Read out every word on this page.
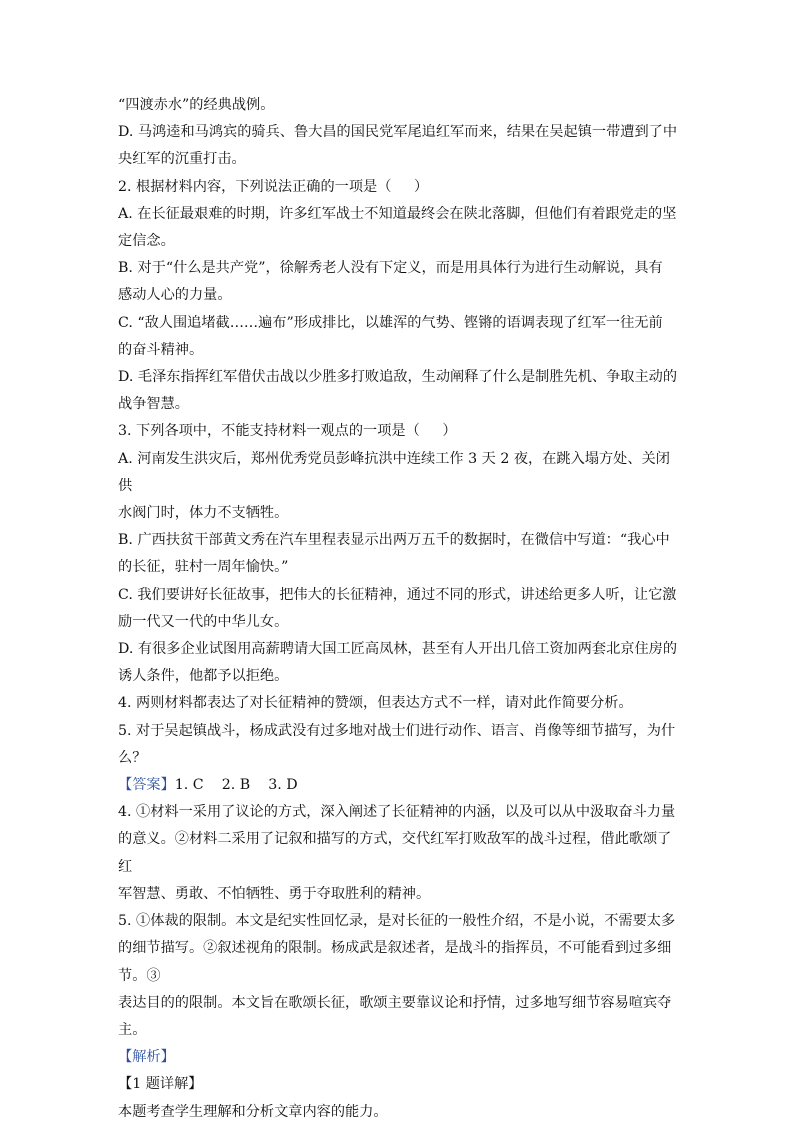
“四渡赤水”的经典战例。

D. 马鸿逵和马鸿宾的骑兵、鲁大昌的国民党军尾追红军而来，结果在吴起镇一带遭到了中

央红军的沉重打击。

2. 根据材料内容，下列说法正确的一项是（     ）

A. 在长征最艰难的时期，许多红军战士不知道最终会在陕北落脚，但他们有着跟党走的坚

定信念。

B. 对于“什么是共产党”，徐解秀老人没有下定义，而是用具体行为进行生动解说，具有

感动人心的力量。

C. “敌人围追堵截……遍布”形成排比，以雄浑的气势、铿锵的语调表现了红军一往无前

的奋斗精神。

D. 毛泽东指挥红军借伏击战以少胜多打败追敌，生动阐释了什么是制胜先机、争取主动的

战争智慧。

3. 下列各项中，不能支持材料一观点的一项是（     ）

A. 河南发生洪灾后，郑州优秀党员彭峰抗洪中连续工作 3 天 2 夜，在跳入塌方处、关闭供

水阀门时，体力不支牺牲。

B. 广西扶贫干部黄文秀在汽车里程表显示出两万五千的数据时，在微信中写道：“我心中

的长征，驻村一周年愉快。”

C. 我们要讲好长征故事，把伟大的长征精神，通过不同的形式，讲述给更多人听，让它激

励一代又一代的中华儿女。

D. 有很多企业试图用高薪聘请大国工匠高凤林，甚至有人开出几倍工资加两套北京住房的

诱人条件，他都予以拒绝。

4. 两则材料都表达了对长征精神的赞颂，但表达方式不一样，请对此作简要分析。

5. 对于吴起镇战斗，杨成武没有过多地对战士们进行动作、语言、肖像等细节描写，为什

么？

【答案】1. C    2. B    3. D

4. ①材料一采用了议论的方式，深入阐述了长征精神的内涵，以及可以从中汲取奋斗力量

的意义。②材料二采用了记叙和描写的方式，交代红军打败敌军的战斗过程，借此歌颂了红

军智慧、勇敢、不怕牺牲、勇于夺取胜利的精神。

5. ①体裁的限制。本文是纪实性回忆录，是对长征的一般性介绍，不是小说，不需要太多

的细节描写。②叙述视角的限制。杨成武是叙述者，是战斗的指挥员，不可能看到过多细节。③

表达目的的限制。本文旨在歌颂长征，歌颂主要靠议论和抒情，过多地写细节容易喧宾夺主。

【解析】

【1 题详解】

本题考查学生理解和分析文章内容的能力。
